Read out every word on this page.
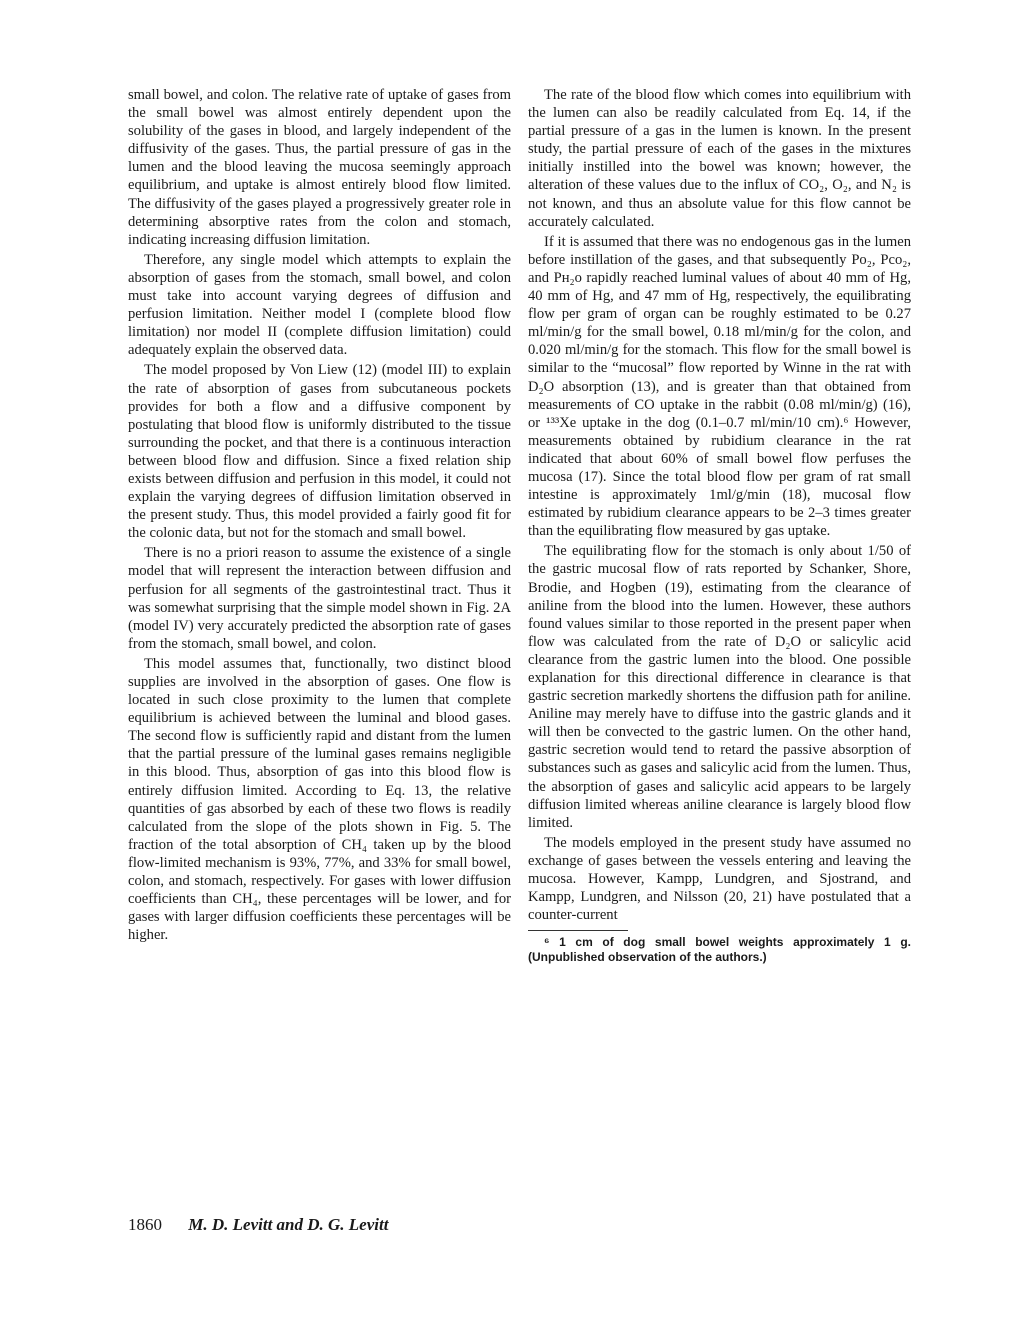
small bowel, and colon. The relative rate of uptake of gases from the small bowel was almost entirely dependent upon the solubility of the gases in blood, and largely independent of the diffusivity of the gases. Thus, the partial pressure of gas in the lumen and the blood leaving the mucosa seemingly approach equilibrium, and uptake is almost entirely blood flow limited. The diffusivity of the gases played a progressively greater role in determining absorptive rates from the colon and stomach, indicating increasing diffusion limitation.

Therefore, any single model which attempts to explain the absorption of gases from the stomach, small bowel, and colon must take into account varying degrees of diffusion and perfusion limitation. Neither model I (complete blood flow limitation) nor model II (complete diffusion limitation) could adequately explain the observed data.

The model proposed by Von Liew (12) (model III) to explain the rate of absorption of gases from subcutaneous pockets provides for both a flow and a diffusive component by postulating that blood flow is uniformly distributed to the tissue surrounding the pocket, and that there is a continuous interaction between blood flow and diffusion. Since a fixed relation ship exists between diffusion and perfusion in this model, it could not explain the varying degrees of diffusion limitation observed in the present study. Thus, this model provided a fairly good fit for the colonic data, but not for the stomach and small bowel.

There is no a priori reason to assume the existence of a single model that will represent the interaction between diffusion and perfusion for all segments of the gastrointestinal tract. Thus it was somewhat surprising that the simple model shown in Fig. 2A (model IV) very accurately predicted the absorption rate of gases from the stomach, small bowel, and colon.

This model assumes that, functionally, two distinct blood supplies are involved in the absorption of gases. One flow is located in such close proximity to the lumen that complete equilibrium is achieved between the luminal and blood gases. The second flow is sufficiently rapid and distant from the lumen that the partial pressure of the luminal gases remains negligible in this blood. Thus, absorption of gas into this blood flow is entirely diffusion limited. According to Eq. 13, the relative quantities of gas absorbed by each of these two flows is readily calculated from the slope of the plots shown in Fig. 5. The fraction of the total absorption of CH₄ taken up by the blood flow-limited mechanism is 93%, 77%, and 33% for small bowel, colon, and stomach, respectively. For gases with lower diffusion coefficients than CH₄, these percentages will be lower, and for gases with larger diffusion coefficients these percentages will be higher.

The rate of the blood flow which comes into equilibrium with the lumen can also be readily calculated from Eq. 14, if the partial pressure of a gas in the lumen is known. In the present study, the partial pressure of each of the gases in the mixtures initially instilled into the bowel was known; however, the alteration of these values due to the influx of CO₂, O₂, and N₂ is not known, and thus an absolute value for this flow cannot be accurately calculated.

If it is assumed that there was no endogenous gas in the lumen before instillation of the gases, and that subsequently Po₂, Pco₂, and Pн₂o rapidly reached luminal values of about 40 mm of Hg, 40 mm of Hg, and 47 mm of Hg, respectively, the equilibrating flow per gram of organ can be roughly estimated to be 0.27 ml/min/g for the small bowel, 0.18 ml/min/g for the colon, and 0.020 ml/min/g for the stomach. This flow for the small bowel is similar to the “mucosal” flow reported by Winne in the rat with D₂O absorption (13), and is greater than that obtained from measurements of CO uptake in the rabbit (0.08 ml/min/g) (16), or ¹³³Xe uptake in the dog (0.1–0.7 ml/min/10 cm).⁶ However, measurements obtained by rubidium clearance in the rat indicated that about 60% of small bowel flow perfuses the mucosa (17). Since the total blood flow per gram of rat small intestine is approximately 1ml/g/min (18), mucosal flow estimated by rubidium clearance appears to be 2–3 times greater than the equilibrating flow measured by gas uptake.

The equilibrating flow for the stomach is only about 1/50 of the gastric mucosal flow of rats reported by Schanker, Shore, Brodie, and Hogben (19), estimating from the clearance of aniline from the blood into the lumen. However, these authors found values similar to those reported in the present paper when flow was calculated from the rate of D₂O or salicylic acid clearance from the gastric lumen into the blood. One possible explanation for this directional difference in clearance is that gastric secretion markedly shortens the diffusion path for aniline. Aniline may merely have to diffuse into the gastric glands and it will then be convected to the gastric lumen. On the other hand, gastric secretion would tend to retard the passive absorption of substances such as gases and salicylic acid from the lumen. Thus, the absorption of gases and salicylic acid appears to be largely diffusion limited whereas aniline clearance is largely blood flow limited.

The models employed in the present study have assumed no exchange of gases between the vessels entering and leaving the mucosa. However, Kampp, Lundgren, and Sjostrand, and Kampp, Lundgren, and Nilsson (20, 21) have postulated that a counter-current

⁶ 1 cm of dog small bowel weights approximately 1 g. (Unpublished observation of the authors.)

1860 M. D. Levitt and D. G. Levitt
